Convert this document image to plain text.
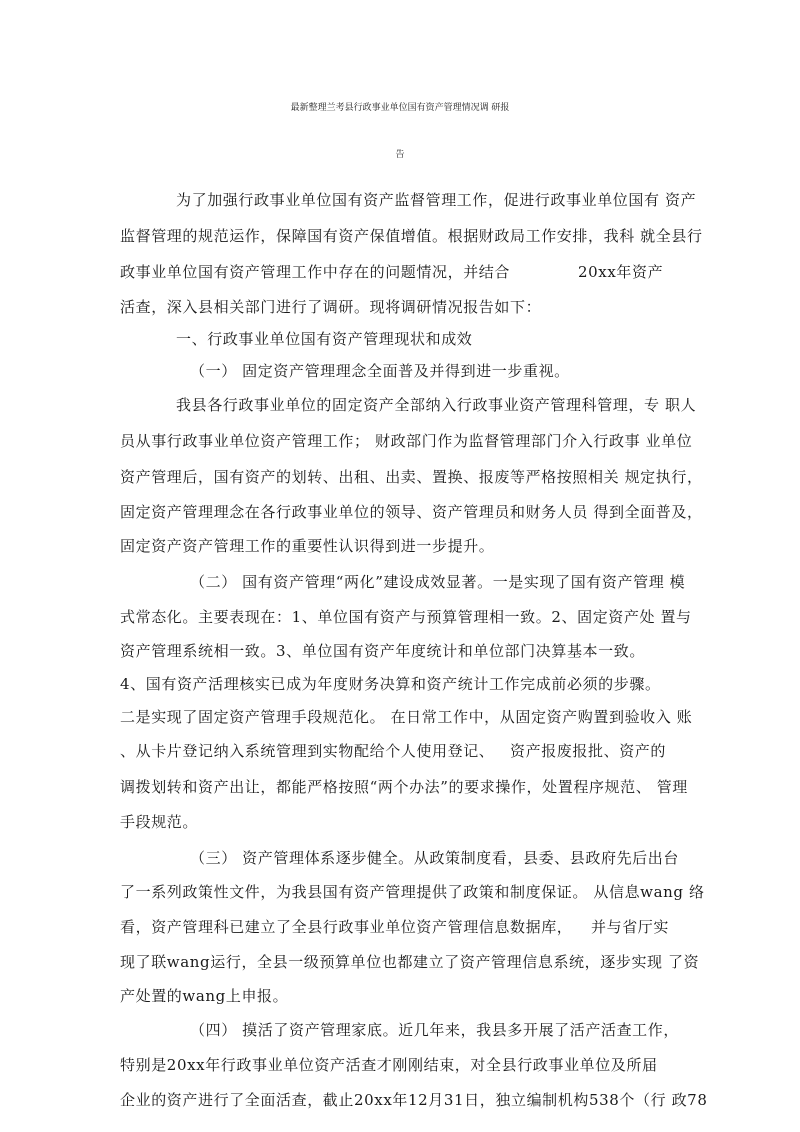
最新整理兰考县行政事业单位国有资产管理情况调 研报
告
为了加强行政事业单位国有资产监督管理工作，促进行政事业单位国有 资产
监督管理的规范运作，保障国有资产保值增值。根据财政局工作安排，我科 就全县行
政事业单位国有资产管理工作中存在的问题情况，并结合	20xx年资产
活查，深入县相关部门进行了调研。现将调研情况报告如下：
一、行政事业单位国有资产管理现状和成效
（一） 固定资产管理理念全面普及并得到进一步重视。
我县各行政事业单位的固定资产全部纳入行政事业资产管理科管理，专 职人
员从事行政事业单位资产管理工作； 财政部门作为监督管理部门介入行政事 业单位
资产管理后，国有资产的划转、出租、出卖、置换、报废等严格按照相关 规定执行，
固定资产管理理念在各行政事业单位的领导、资产管理员和财务人员 得到全面普及，
固定资产资产管理工作的重要性认识得到进一步提升。
（二） 国有资产管理“两化”建设成效显著。一是实现了国有资产管理 模
式常态化。主要表现在：1、单位国有资产与预算管理相一致。2、固定资产处 置与
资产管理系统相一致。3、单位国有资产年度统计和单位部门决算基本一致。
4、国有资产活理核实已成为年度财务决算和资产统计工作完成前必须的步骤。
二是实现了固定资产管理手段规范化。 在日常工作中，从固定资产购置到验收入 账
、从卡片登记纳入系统管理到实物配给个人使用登记、 资产报废报批、资产的
调拨划转和资产出让，都能严格按照“两个办法”的要求操作，处置程序规范、 管理
手段规范。
（三） 资产管理体系逐步健全。从政策制度看，县委、县政府先后出台
了一系列政策性文件，为我县国有资产管理提供了政策和制度保证。 从信息wang 络
看，资产管理科已建立了全县行政事业单位资产管理信息数据库， 并与省厅实
现了联wang运行，全县一级预算单位也都建立了资产管理信息系统，逐步实现 了资
产处置的wang上申报。
（四） 摸活了资产管理家底。近几年来，我县多开展了活产活查工作，
特别是20xx年行政事业单位资产活查才刚刚结束，对全县行政事业单位及所届
企业的资产进行了全面活查，截止20xx年12月31日，独立编制机构538个（行 政78
